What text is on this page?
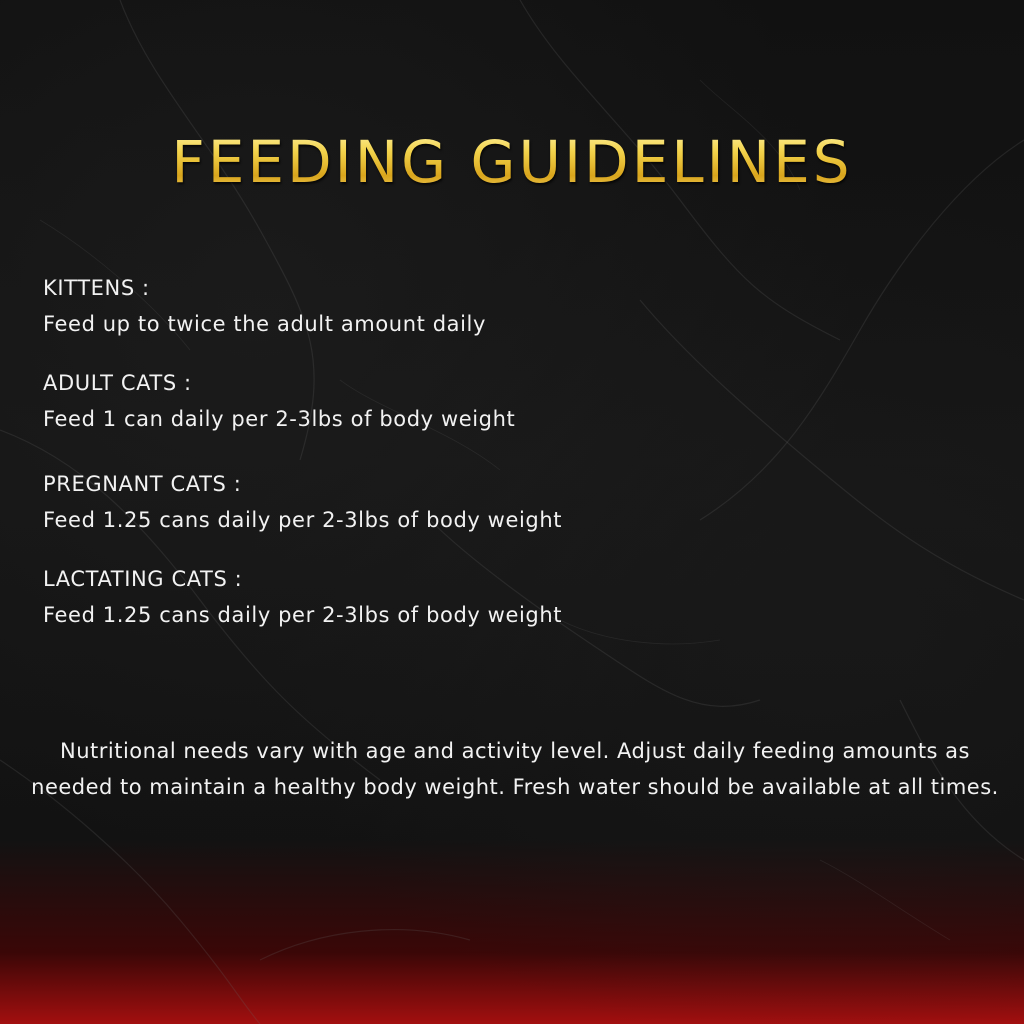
FEEDING GUIDELINES
KITTENS :
Feed up to twice the adult amount daily
ADULT CATS :
Feed 1 can daily per 2-3lbs of body weight
PREGNANT CATS :
Feed 1.25 cans daily per 2-3lbs of body weight
LACTATING CATS :
Feed 1.25 cans daily per 2-3lbs of body weight

Nutritional needs vary with age and activity level. Adjust daily feeding amounts as needed to maintain a healthy body weight. Fresh water should be available at all times.
